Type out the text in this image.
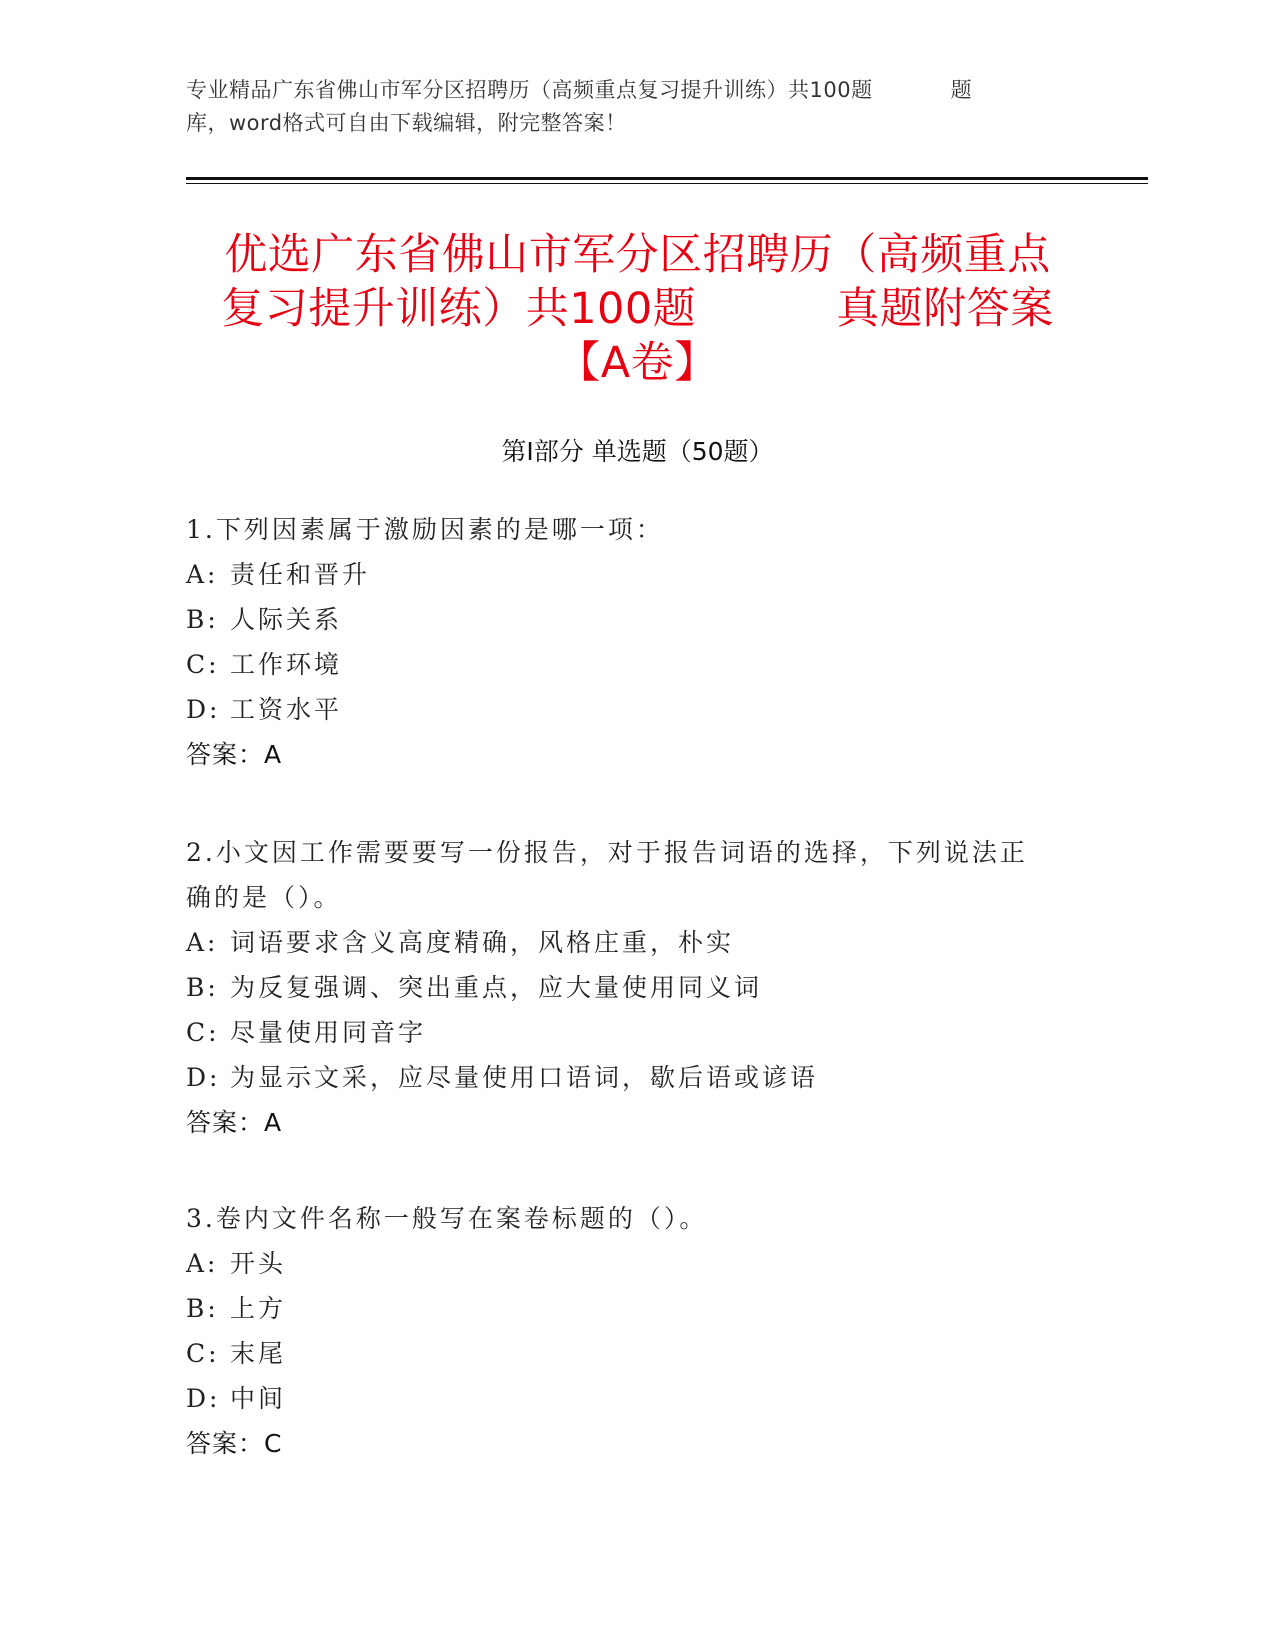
专业精品广东省佛山市军分区招聘历（高频重点复习提升训练）共100题	题
库，word格式可自由下载编辑，附完整答案！
优选广东省佛山市军分区招聘历（高频重点
复习提升训练）共100题	真题附答案
【A卷】
第I部分 单选题（50题）
1.下列因素属于激励因素的是哪一项：
A: 责任和晋升
B: 人际关系
C: 工作环境
D: 工资水平
答案：A
2.小文因工作需要要写一份报告，对于报告词语的选择，下列说法正
确的是（）。
A: 词语要求含义高度精确，风格庄重，朴实
B: 为反复强调、突出重点，应大量使用同义词
C: 尽量使用同音字
D: 为显示文采，应尽量使用口语词，歇后语或谚语
答案：A
3.卷内文件名称一般写在案卷标题的（）。
A: 开头
B: 上方
C: 末尾
D: 中间
答案：C
